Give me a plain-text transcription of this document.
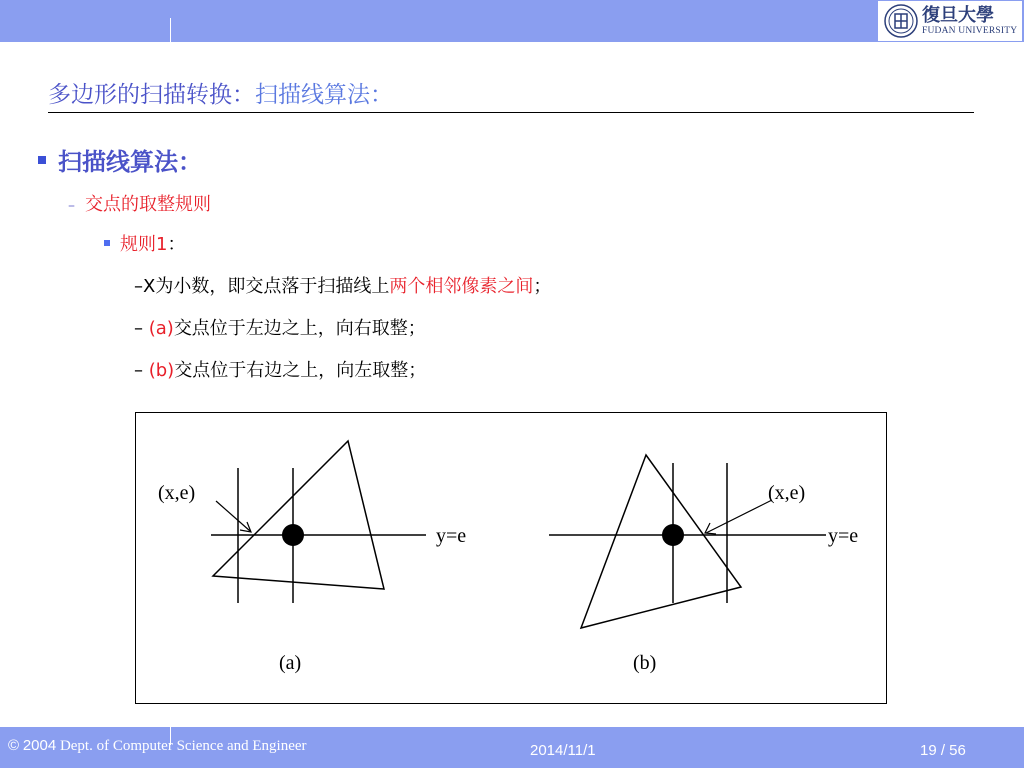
復旦大學
FUDAN UNIVERSITY
多边形的扫描转换：扫描线算法：
扫描线算法：
– 交点的取整规则
规则1 ：
–X为小数，即交点落于扫描线上两个相邻像素之间；
– (a)交点位于左边之上，向右取整；
– (b)交点位于右边之上，向左取整；
(x,e)
y=e
(a)
(x,e)
y=e
(b)
© 2004 Dept. of Computer Science and Engineer	2014/11/1	19 / 56
